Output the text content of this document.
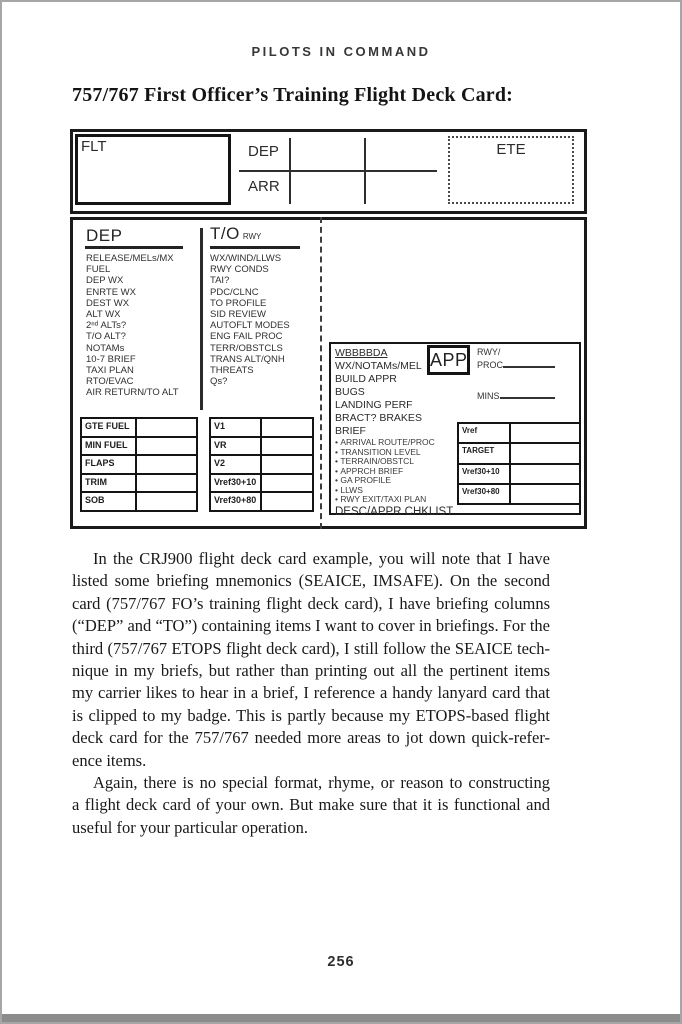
PILOTS IN COMMAND
757/767 First Officer’s Training Flight Deck Card:
FLT	DEP
ARR
ETE
DEP
RELEASE/MELs/MX
FUEL
DEP WX
ENRTE WX
DEST WX
ALT WX
2ⁿᵈ ALTs?
T/O ALT?
NOTAMs
10-7 BRIEF
TAXI PLAN
RTO/EVAC
AIR RETURN/TO ALT
T/O RWY
WX/WIND/LLWS
RWY CONDS
TAI?
PDC/CLNC
TO PROFILE
SID REVIEW
AUTOFLT MODES
ENG FAIL PROC
TERR/OBSTCLS
TRANS ALT/QNH
THREATS
Qs?
GTE FUEL
MIN FUEL
FLAPS
TRIM
SOB
V1
VR
V2
Vref30+10
Vref30+80
WBBBBDA
WX/NOTAMs/MEL
BUILD APPR
BUGS
LANDING PERF
BRACT? BRAKES
BRIEF
• ARRIVAL ROUTE/PROC
• TRANSITION LEVEL
• TERRAIN/OBSTCL
• APPRCH BRIEF
• GA PROFILE
• LLWS
• RWY EXIT/TAXI PLAN
DESC/APPR CHKLIST
APP RWY/
PROC
MINS
Vref
TARGET
Vref30+10
Vref30+80
In the CRJ900 flight deck card example, you will note that I have
listed some briefing mnemonics (SEAICE, IMSAFE). On the second
card (757/767 FO’s training flight deck card), I have briefing columns
(“DEP” and “TO”) containing items I want to cover in briefings. For the
third (757/767 ETOPS flight deck card), I still follow the SEAICE tech-
nique in my briefs, but rather than printing out all the pertinent items
my carrier likes to hear in a brief, I reference a handy lanyard card that
is clipped to my badge. This is partly because my ETOPS-based flight
deck card for the 757/767 needed more areas to jot down quick-refer-
ence items.
Again, there is no special format, rhyme, or reason to constructing
a flight deck card of your own. But make sure that it is functional and
useful for your particular operation.
256
